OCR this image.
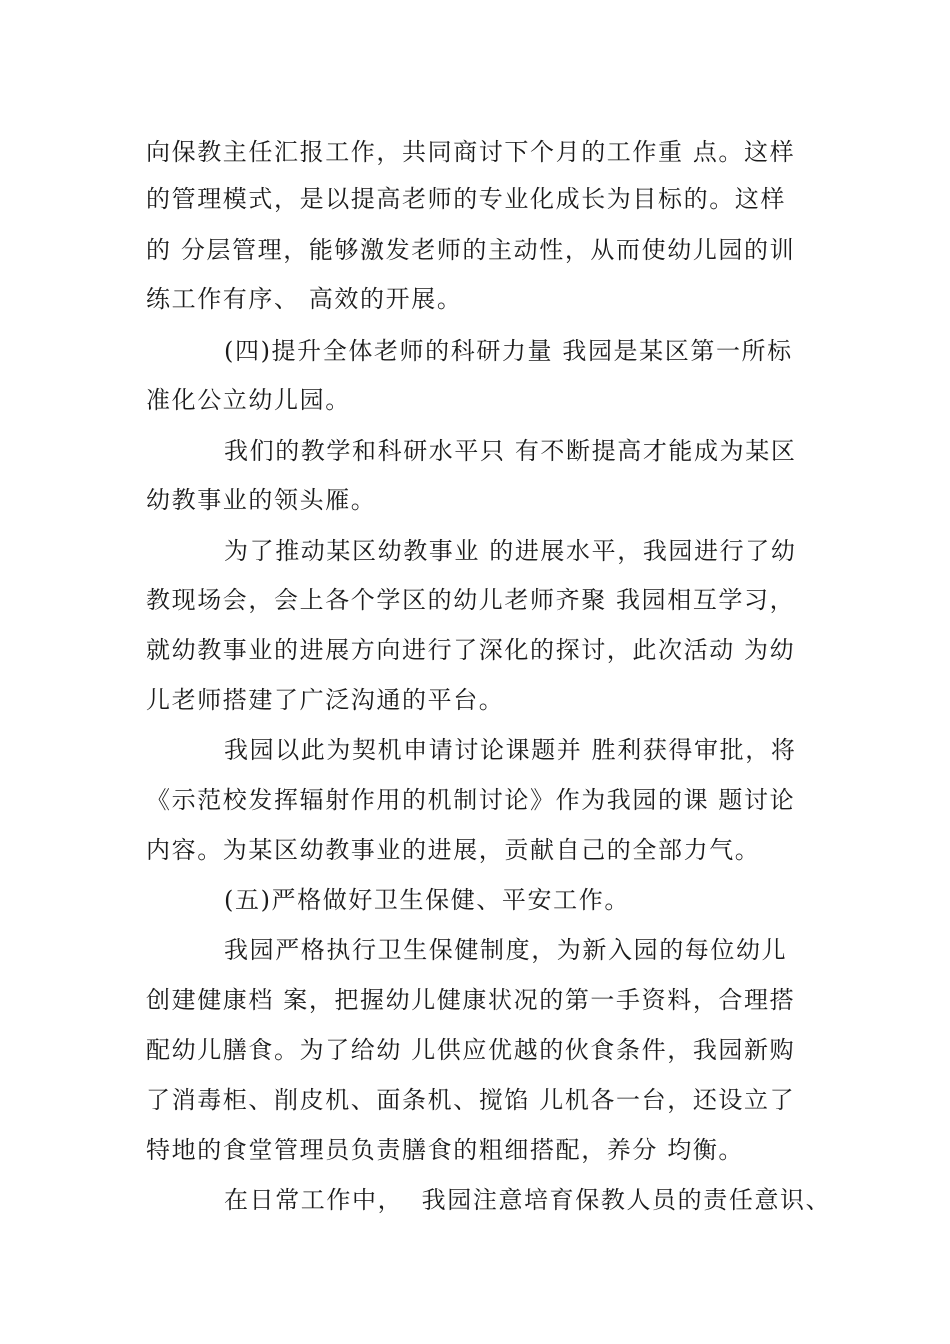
向保教主任汇报工作，共同商讨下个月的工作重 点。这样
的管理模式，是以提高老师的专业化成长为目标的。这样
的 分层管理，能够激发老师的主动性，从而使幼儿园的训
练工作有序、 高效的开展。
(四)提升全体老师的科研力量 我园是某区第一所标
准化公立幼儿园。
我们的教学和科研水平只 有不断提高才能成为某区
幼教事业的领头雁。
为了推动某区幼教事业 的进展水平，我园进行了幼
教现场会，会上各个学区的幼儿老师齐聚 我园相互学习，
就幼教事业的进展方向进行了深化的探讨，此次活动 为幼
儿老师搭建了广泛沟通的平台。
我园以此为契机申请讨论课题并 胜利获得审批，将
《示范校发挥辐射作用的机制讨论》作为我园的课 题讨论
内容。为某区幼教事业的进展，贡献自己的全部力气。
(五)严格做好卫生保健、平安工作。
我园严格执行卫生保健制度，为新入园的每位幼儿
创建健康档 案，把握幼儿健康状况的第一手资料，合理搭
配幼儿膳食。为了给幼 儿供应优越的伙食条件，我园新购
了消毒柜、削皮机、面条机、搅馅 儿机各一台，还设立了
特地的食堂管理员负责膳食的粗细搭配，养分 均衡。
在日常工作中，  我园注意培育保教人员的责任意识、
